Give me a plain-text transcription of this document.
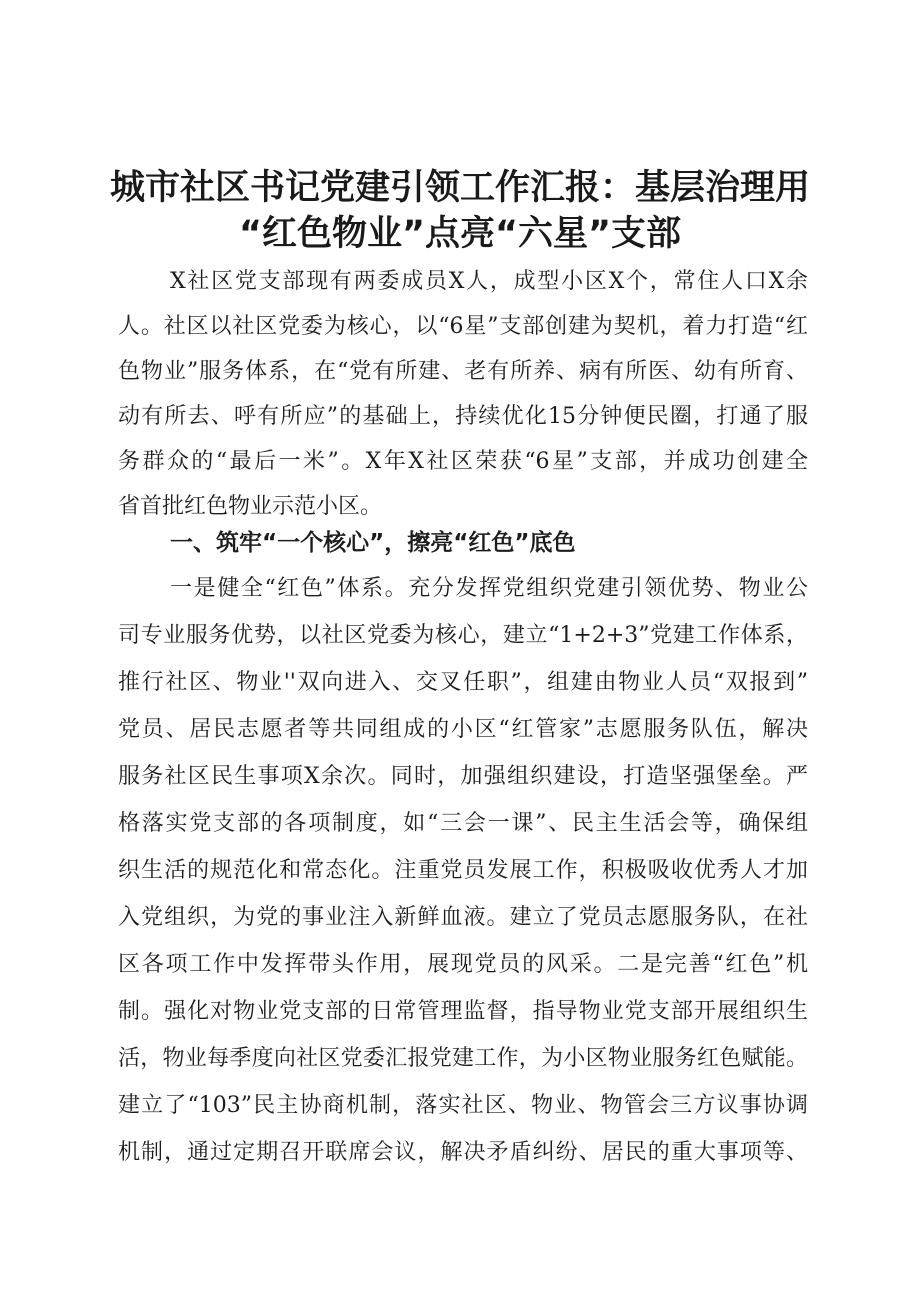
城市社区书记党建引领工作汇报：基层治理用
“红色物业”点亮“六星”支部

X社区党支部现有两委成员X人，成型小区X个，常住人口X余

人。社区以社区党委为核心，以“6星”支部创建为契机，着力打造“红

色物业”服务体系，在“党有所建、老有所养、病有所医、幼有所育、

动有所去、呼有所应”的基础上，持续优化15分钟便民圈，打通了服

务群众的“最后一米”。X年X社区荣获“6星”支部，并成功创建全

省首批红色物业示范小区。

一、筑牢“一个核心”，擦亮“红色”底色

一是健全“红色”体系。充分发挥党组织党建引领优势、物业公

司专业服务优势，以社区党委为核心，建立“1+2+3”党建工作体系，

推行社区、物业''双向进入、交叉任职”，组建由物业人员“双报到”

党员、居民志愿者等共同组成的小区“红管家”志愿服务队伍，解决

服务社区民生事项X余次。同时，加强组织建设，打造坚强堡垒。严

格落实党支部的各项制度，如“三会一课”、民主生活会等，确保组

织生活的规范化和常态化。注重党员发展工作，积极吸收优秀人才加

入党组织，为党的事业注入新鲜血液。建立了党员志愿服务队，在社

区各项工作中发挥带头作用，展现党员的风采。二是完善“红色”机

制。强化对物业党支部的日常管理监督，指导物业党支部开展组织生

活，物业每季度向社区党委汇报党建工作，为小区物业服务红色赋能。

建立了“103”民主协商机制，落实社区、物业、物管会三方议事协调

机制，通过定期召开联席会议，解决矛盾纠纷、居民的重大事项等、
